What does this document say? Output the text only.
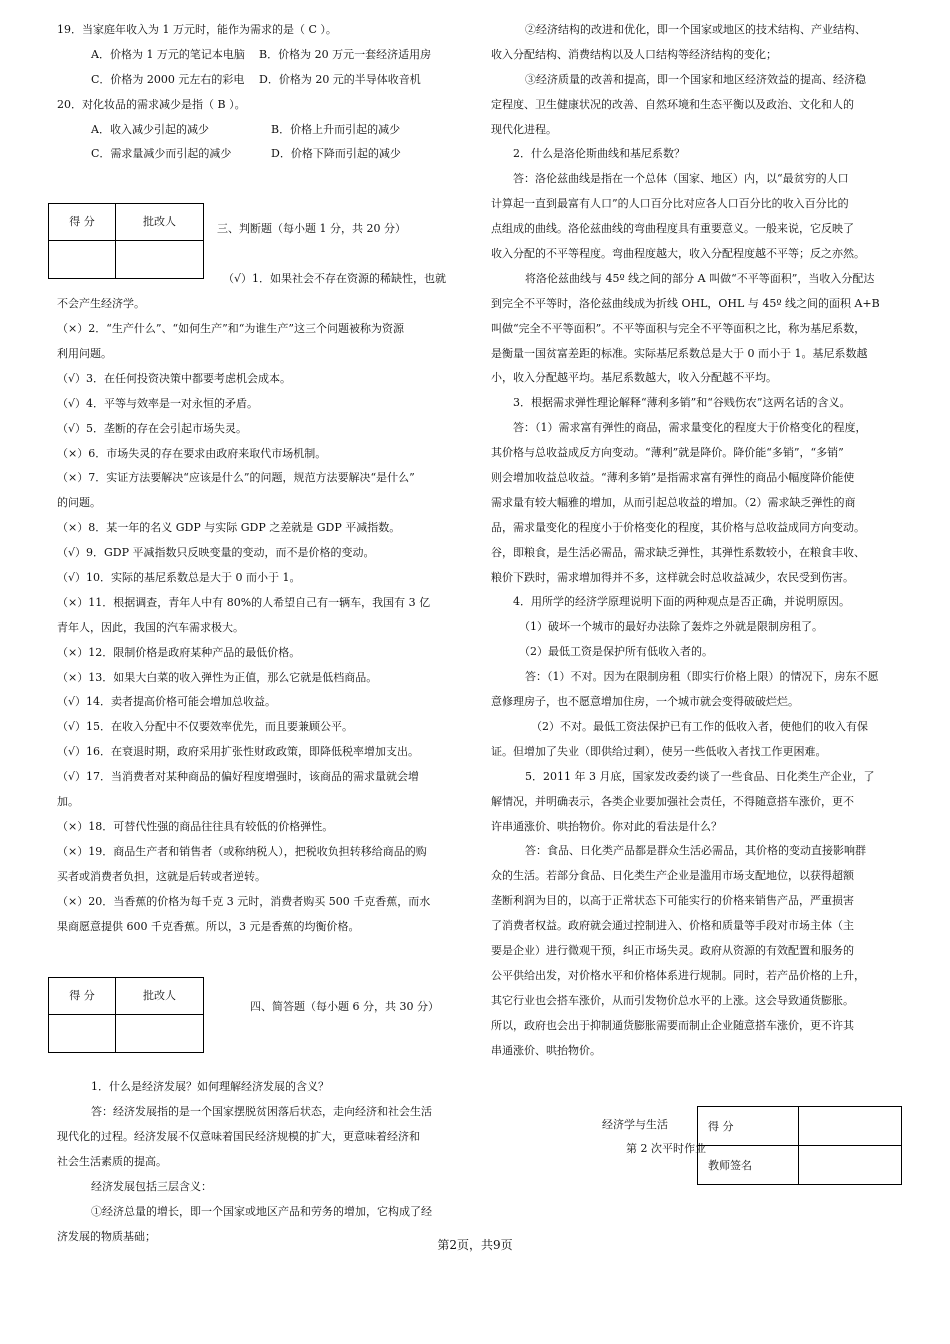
19．当家庭年收入为 1 万元时，能作为需求的是（ C ）。
A．价格为 1 万元的笔记本电脑 B．价格为 20 万元一套经济适用房
C．价格为 2000 元左右的彩电 D．价格为 20 元的半导体收音机
20．对化妆品的需求减少是指（ B ）。
A．收入减少引起的减少	B．价格上升而引起的减少
C．需求量减少而引起的减少	D．价格下降而引起的减少
得 分	批改人

三、判断题（每小题 1 分，共 20 分）
（√）1．如果社会不存在资源的稀缺性，也就
不会产生经济学。
（×）2．“生产什么”、“如何生产”和“为谁生产”这三个问题被称为资源
利用问题。
（√）3．在任何投资决策中都要考虑机会成本。
（√）4．平等与效率是一对永恒的矛盾。
（√）5．垄断的存在会引起市场失灵。
（×）6．市场失灵的存在要求由政府来取代市场机制。
（×）7．实证方法要解决“应该是什么”的问题，规范方法要解决“是什么”
的问题。
（×）8．某一年的名义 GDP 与实际 GDP 之差就是 GDP 平减指数。
（√）9．GDP 平减指数只反映变量的变动，而不是价格的变动。
（√）10．实际的基尼系数总是大于 0 而小于 1。
（×）11．根据调查，青年人中有 80%的人希望自己有一辆车，我国有 3 亿
青年人，因此，我国的汽车需求极大。
（×）12．限制价格是政府某种产品的最低价格。
（×）13．如果大白菜的收入弹性为正值，那么它就是低档商品。
（√）14．卖者提高价格可能会增加总收益。
（√）15．在收入分配中不仅要效率优先，而且要兼顾公平。
（√）16．在衰退时期，政府采用扩张性财政政策，即降低税率增加支出。
（√）17．当消费者对某种商品的偏好程度增强时，该商品的需求量就会增
加。
（×）18．可替代性强的商品往往具有较低的价格弹性。
（×）19．商品生产者和销售者（或称纳税人），把税收负担转移给商品的购
买者或消费者负担，这就是后转或者逆转。
（×）20．当香蕉的价格为每千克 3 元时，消费者购买 500 千克香蕉，而水
果商愿意提供 600 千克香蕉。所以，3 元是香蕉的均衡价格。
得 分	批改人

四、简答题（每小题 6 分，共 30 分）
1．什么是经济发展？如何理解经济发展的含义？
答：经济发展指的是一个国家摆脱贫困落后状态，走向经济和社会生活
现代化的过程。经济发展不仅意味着国民经济规模的扩大，更意味着经济和
社会生活素质的提高。
经济发展包括三层含义：
①经济总量的增长，即一个国家或地区产品和劳务的增加，它构成了经
济发展的物质基础；
②经济结构的改进和优化，即一个国家或地区的技术结构、产业结构、
收入分配结构、消费结构以及人口结构等经济结构的变化；
③经济质量的改善和提高，即一个国家和地区经济效益的提高、经济稳
定程度、卫生健康状况的改善、自然环境和生态平衡以及政治、文化和人的
现代化进程。
2．什么是洛伦斯曲线和基尼系数？
答：洛伦兹曲线是指在一个总体（国家、地区）内，以“最贫穷的人口
计算起一直到最富有人口”的人口百分比对应各人口百分比的收入百分比的
点组成的曲线。洛伦兹曲线的弯曲程度具有重要意义。一般来说，它反映了
收入分配的不平等程度。弯曲程度越大，收入分配程度越不平等；反之亦然。
将洛伦兹曲线与 45º 线之间的部分 A 叫做“不平等面积”，当收入分配达
到完全不平等时，洛伦兹曲线成为折线 OHL，OHL 与 45º 线之间的面积 A+B
叫做“完全不平等面积”。不平等面积与完全不平等面积之比，称为基尼系数，
是衡量一国贫富差距的标准。实际基尼系数总是大于 0 而小于 1。基尼系数越
小，收入分配越平均。基尼系数越大，收入分配越不平均。
3．根据需求弹性理论解释“薄利多销”和“谷贱伤农”这两名话的含义。
答：（1）需求富有弹性的商品，需求量变化的程度大于价格变化的程度，
其价格与总收益成反方向变动。“薄利”就是降价。降价能“多销”，“多销”
则会增加收益总收益。“薄利多销”是指需求富有弹性的商品小幅度降价能使
需求量有较大幅雅的增加，从而引起总收益的增加。（2）需求缺乏弹性的商
品，需求量变化的程度小于价格变化的程度，其价格与总收益成同方向变动。
谷，即粮食，是生活必需品，需求缺乏弹性，其弹性系数较小，在粮食丰收、
粮价下跌时，需求增加得并不多，这样就会时总收益减少，农民受到伤害。
4．用所学的经济学原理说明下面的两种观点是否正确，并说明原因。
（1）破坏一个城市的最好办法除了轰炸之外就是限制房租了。
（2）最低工资是保护所有低收入者的。
答：（1）不对。因为在限制房租（即实行价格上限）的情况下，房东不愿
意修理房子，也不愿意增加住房，一个城市就会变得破破烂烂。
（2）不对。最低工资法保护已有工作的低收入者，使他们的收入有保
证。但增加了失业（即供给过剩），使另一些低收入者找工作更困难。
5．2011 年 3 月底，国家发改委约谈了一些食品、日化类生产企业，了
解情况，并明确表示，各类企业要加强社会责任，不得随意搭车涨价，更不
许串通涨价、哄抬物价。你对此的看法是什么？
答：食品、日化类产品都是群众生活必需品，其价格的变动直接影响群
众的生活。若部分食品、日化类生产企业是滥用市场支配地位，以获得超额
垄断利润为目的，以高于正常状态下可能实行的价格来销售产品，严重损害
了消费者权益。政府就会通过控制进入、价格和质量等手段对市场主体（主
要是企业）进行微观干预，纠正市场失灵。政府从资源的有效配置和服务的
公平供给出发，对价格水平和价格体系进行规制。同时，若产品价格的上升，
其它行业也会搭车涨价，从而引发物价总水平的上涨。这会导致通货膨胀。
所以，政府也会出于抑制通货膨胀需要而制止企业随意搭车涨价，更不许其
串通涨价、哄抬物价。
经济学与生活
第 2 次平时作业
得 分	
教师签名	
第2页，共9页
